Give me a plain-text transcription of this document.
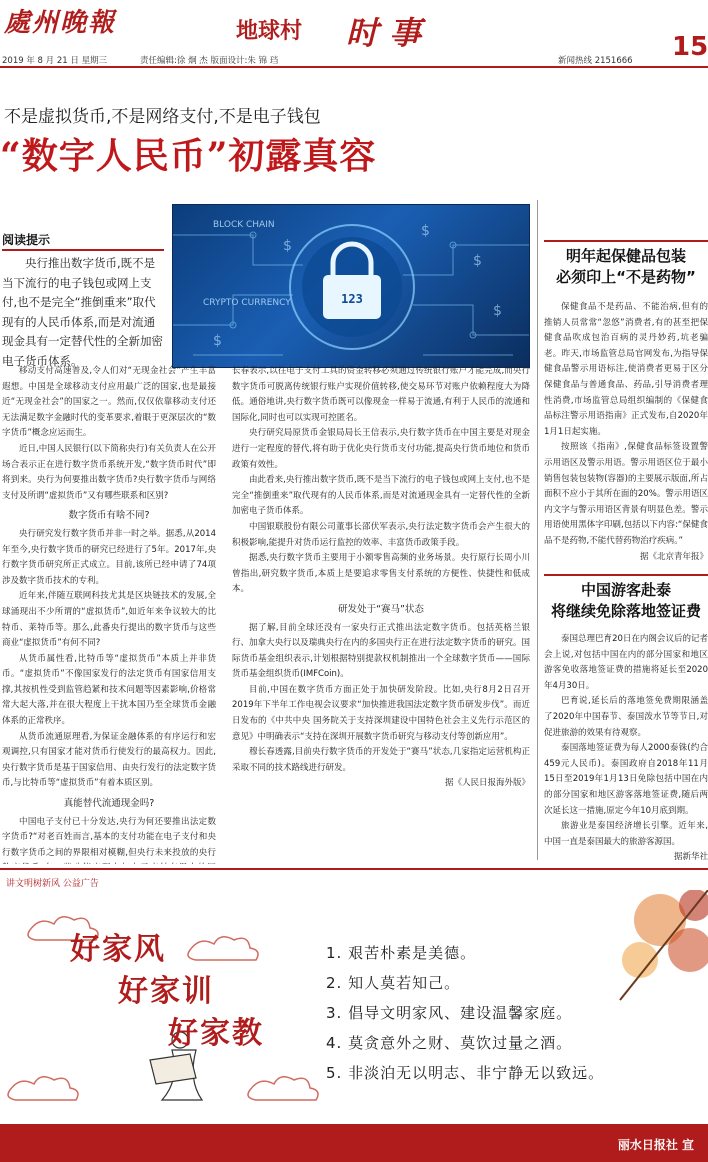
處州晚報	地球村 时 事	15
2019 年 8 月 21 日 星期三	责任编辑:徐 炯 杰 版面设计:朱 锦 珰	新闻热线 2151666
不是虚拟货币,不是网络支付,不是电子钱包
“数字人民币”初露真容
BLOCK CHAIN
CRYPTO CURRENCY
$
$
$
$
$
123
阅读提示
央行推出数字货币,既不是当下流行的电子钱包或网上支付,也不是完全“推倒重来”取代现有的人民币体系,而是对流通现金具有一定替代性的全新加密电子货币体系。

移动支付高速普及,令人们对“无现金社会”产生丰富遐想。中国是全球移动支付应用最广泛的国家,也是最接近“无现金社会”的国家之一。然而,仅仅依靠移动支付还无法满足数字金融时代的变革要求,着眼于更深层次的“数字货币”概念应运而生。

近日,中国人民银行(以下简称央行)有关负责人在公开场合表示正在进行数字货币系统开发,“数字货币时代”即将到来。央行为何要推出数字货币?央行数字货币与网络支付及所谓“虚拟货币”又有哪些联系和区别?

数字货币有啥不同?

央行研究发行数字货币并非一时之举。据悉,从2014年至今,央行数字货币的研究已经进行了5年。2017年,央行数字货币研究所正式成立。目前,该所已经申请了74项涉及数字货币技术的专利。

近年来,伴随互联网科技尤其是区块链技术的发展,全球涌现出不少所谓的“虚拟货币”,如近年来争议较大的比特币、莱特币等。那么,此番央行提出的数字货币与这些商业“虚拟货币”有何不同?

从货币属性看,比特币等“虚拟货币”本质上并非货币。“虚拟货币”不像国家发行的法定货币有国家信用支撑,其按机性受到监管趋紧和技术问题等因素影响,价格常常大起大落,并在很大程度上干扰本国乃至全球货币金融体系的正常秩序。

从货币流通原理看,为保证金融体系的有序运行和宏观调控,只有国家才能对货币行使发行的最高权力。因此,央行数字货币是基于国家信用、由央行发行的法定数字货币,与比特币等“虚拟货币”有着本质区别。

真能替代流通现金吗?

中国电子支付已十分发达,央行为何还要推出法定数字货币?“对老百姓而言,基本的支付功能在电子支付和央行数字货币之间的界限相对模糊,但央行未来投放的央行

长春表示,以往电子支付工具的资金转移必须通过传统银行账户才能完成,而央行数字货币可脱离传统银行账户实现价值转移,使交易环节对账户依赖程度大为降低。通俗地讲,央行数字货币既可以像现金一样易于流通,有利于人民币的流通和国际化,同时也可以实现可控匿名。

央行研究局原货币金银局局长王信表示,央行数字货币在中国主要是对现金进行一定程度的替代,将有助于优化央行货币支付功能,提高央行货币地位和货币政策有效性。

由此看来,央行推出数字货币,既不是当下流行的电子钱包或网上支付,也不是完全“推倒重来”取代现有的人民币体系,而是对流通现金具有一定替代性的全新加密电子货币体系。

中国银联股份有限公司董事长邵伏军表示,央行法定数字货币会产生很大的积极影响,能提升对货币运行监控的效率、丰富货币政策手段。

据悉,央行数字货币主要用于小额零售高频的业务场景。央行原行长周小川曾指出,研究数字货币,本质上是要追求零售支付系统的方便性、快捷性和低成本。

研发处于“赛马”状态

据了解,目前全球还没有一家央行正式推出法定数字货币。包括英格兰银行、加拿大央行以及瑞典央行在内的多国央行正在进行法定数字货币的研究。国际货币基金组织表示,计划根据特别提款权机制推出一个全球数字货币——国际货币基金组织货币(IMFCoin)。

目前,中国在数字货币方面正处于加快研发阶段。比如,央行8月2日召开2019年下半年工作电视会议要求“加快推进我国法定数字货币研发步伐”。而近日发布的《中共中央 国务院关于支持深圳建设中国特色社会主义先行示范区的意见》中明确表示“支持在深圳开展数字货币研究与移动支付等创新应用”。

穆长春透露,目前央行数字货币的开发处于“赛马”状态,几家指定运营机构正采取不同的技术路线进行研发。

据《人民日报海外版》
明年起保健品包装
必须印上“不是药物”

保健食品不是药品、不能治病,但有的推销人员常常“忽悠”消费者,有的甚至把保健食品吹成包治百病的灵丹妙药,坑老骗老。昨天,市场监管总局官网发布,为指导保健食品警示用语标注,使消费者更易于区分保健食品与普通食品、药品,引导消费者理性消费,市场监管总局组织编制的《保健食品标注警示用语指南》正式发布,自2020年1月1日起实施。

按照该《指南》,保健食品标签设置警示用语区及警示用语。警示用语区位于最小销售包装包装物(容器)的主要展示版面,所占面积不应小于其所在面的20%。警示用语区内文字与警示用语区背景有明显色差。警示用语使用黑体字印刷,包括以下内容:“保健食品不是药物,不能代替药物治疗疾病。”

据《北京青年报》
中国游客赴泰
将继续免除落地签证费

泰国总理巴育20日在内阁会议后的记者会上说,对包括中国在内的部分国家和地区游客免收落地签证费的措施将延长至2020年4月30日。

巴育说,延长后的落地签免费期限涵盖了2020年中国春节、泰国泼水节等节日,对促进旅游的效果有待观察。

泰国落地签证费为每人2000泰铢(约合459元人民币)。泰国政府自2018年11月15日至2019年1月13日免除包括中国在内的部分国家和地区游客落地签证费,随后两次延长这一措施,原定今年10月底到期。

旅游业是泰国经济增长引擎。近年来,中国一直是泰国最大的旅游客源国。

据新华社
讲文明树新风 公益广告
好家风
好家训
好家教
1. 艰苦朴素是美德。
2. 知人莫若知己。
3. 倡导文明家风、建设温馨家庭。
4. 莫贪意外之财、莫饮过量之酒。
5. 非淡泊无以明志、非宁静无以致远。
丽水日报社 宣
